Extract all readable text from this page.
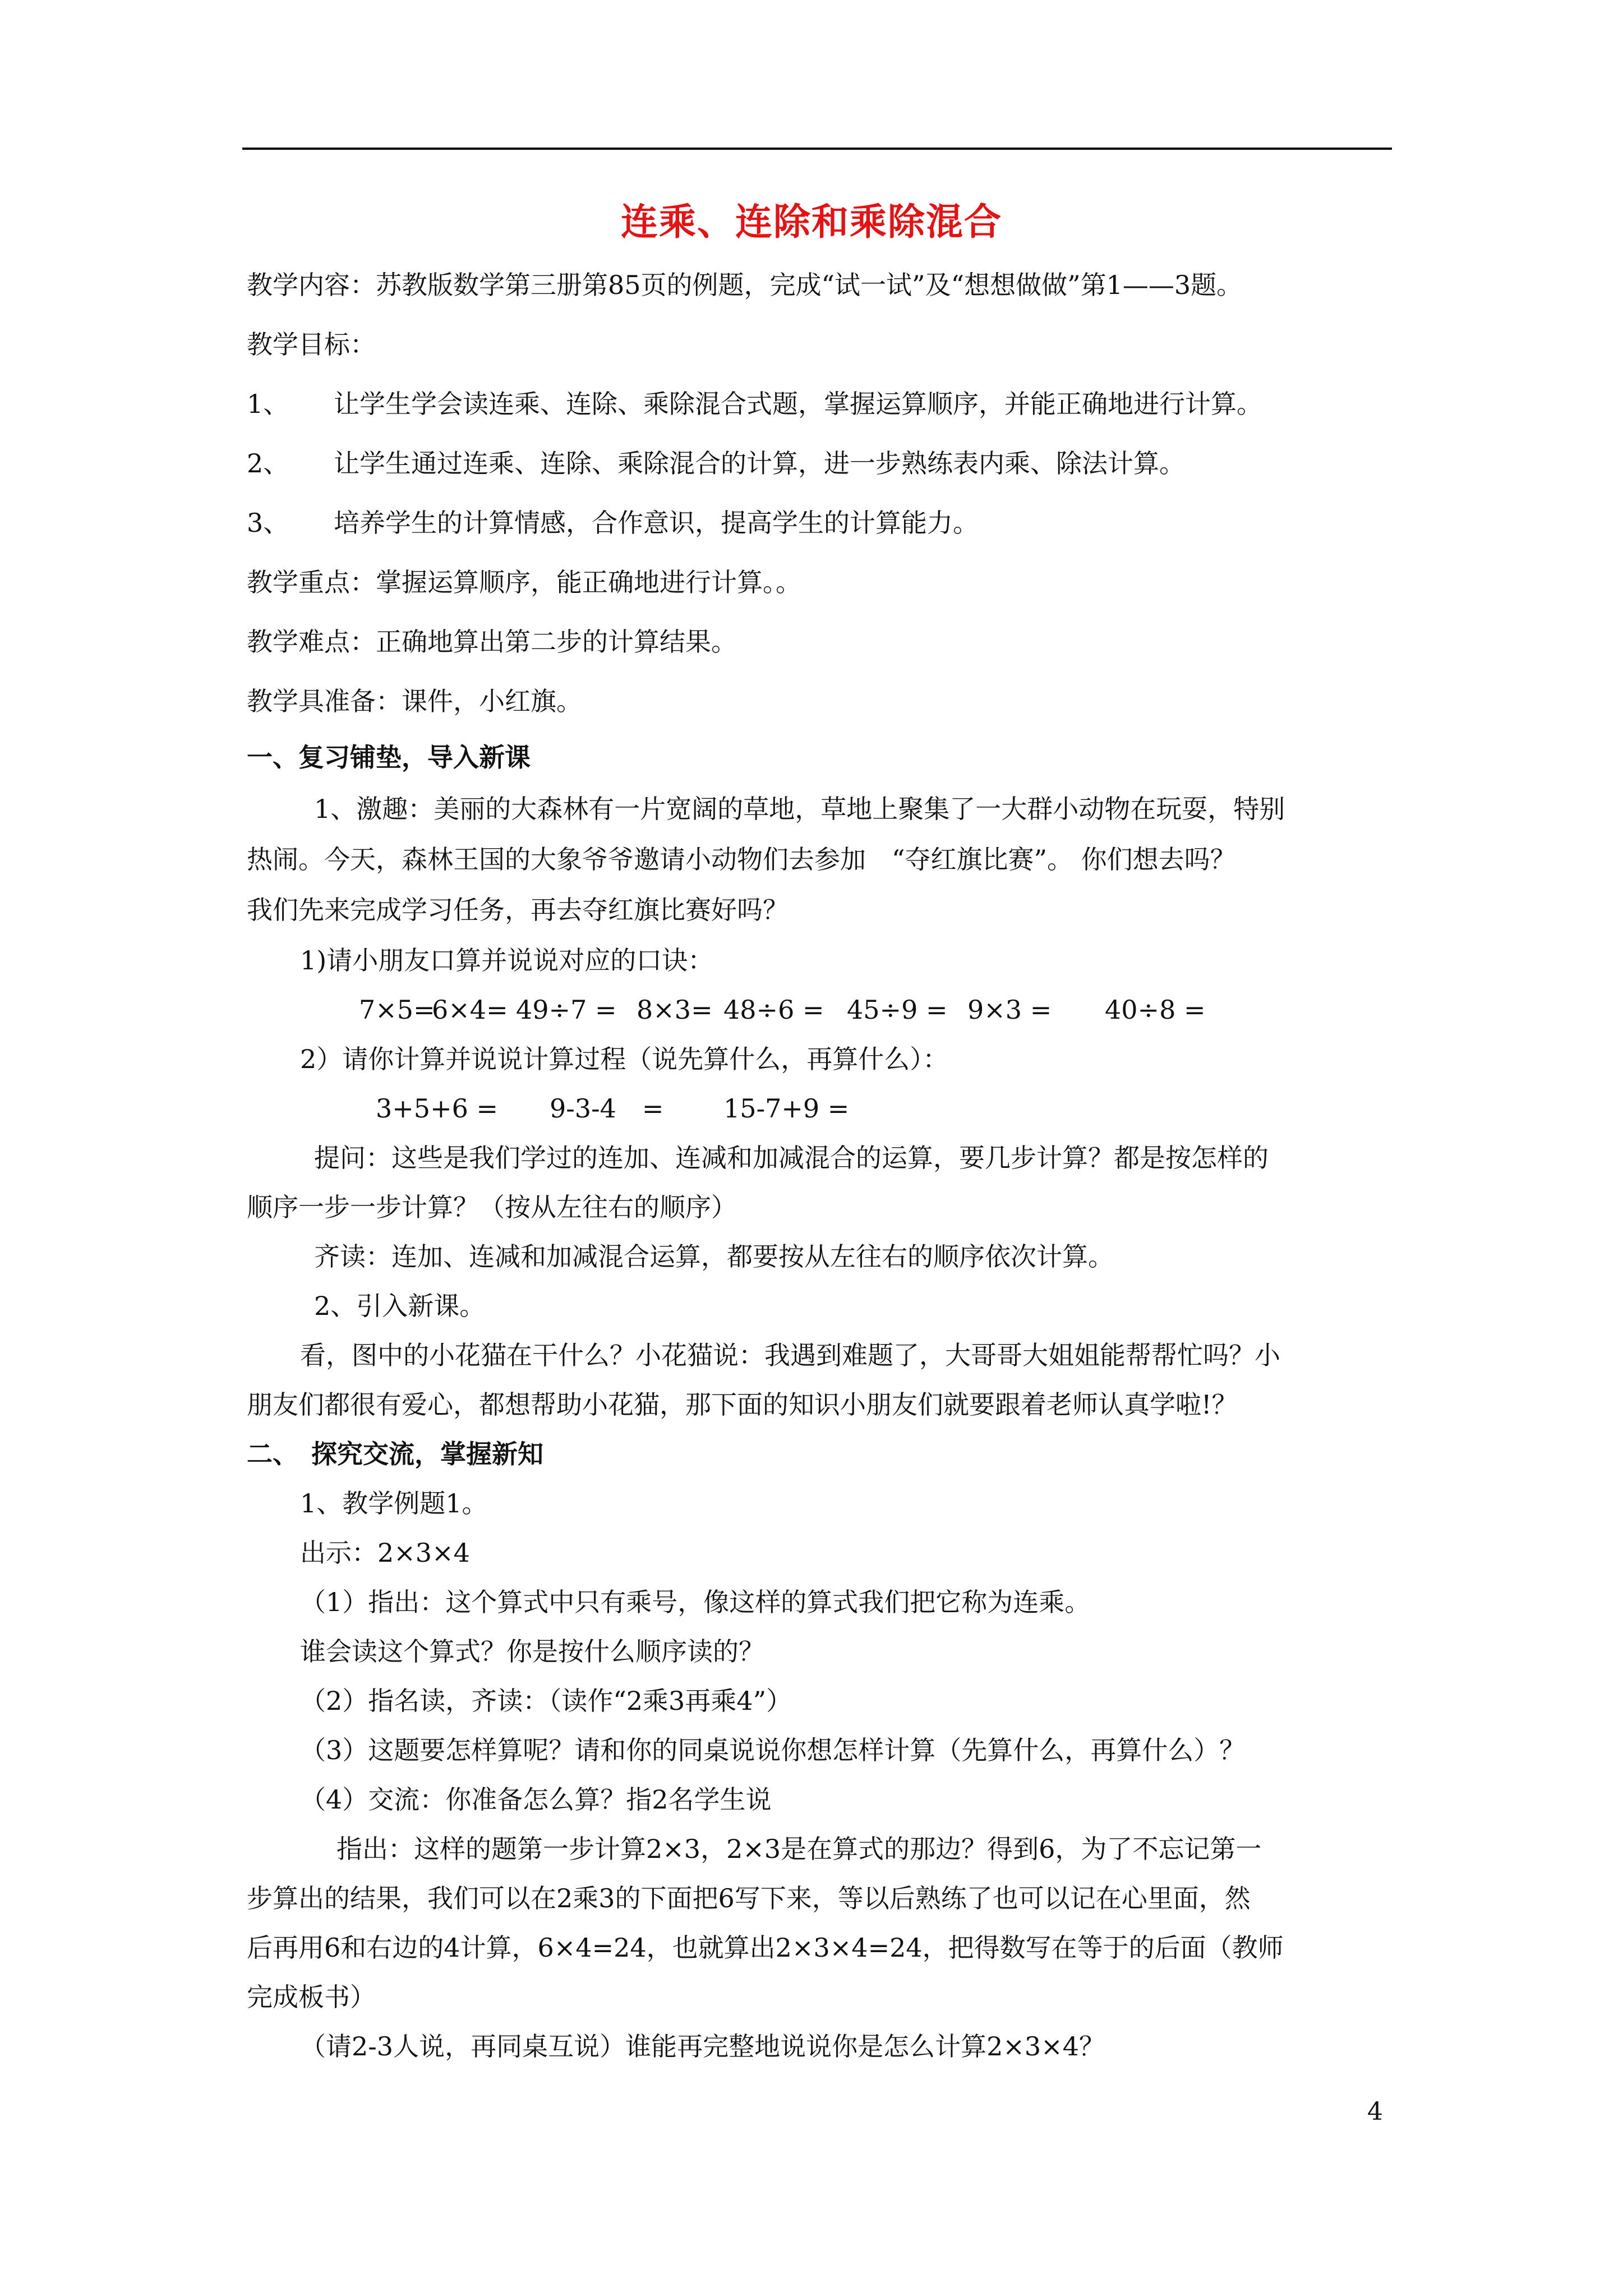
连乘、连除和乘除混合
教学内容：苏教版数学第三册第85页的例题，完成“试一试”及“想想做做”第1——3题。
教学目标：
1、 让学生学会读连乘、连除、乘除混合式题，掌握运算顺序，并能正确地进行计算。
2、 让学生通过连乘、连除、乘除混合的计算，进一步熟练表内乘、除法计算。
3、 培养学生的计算情感，合作意识，提高学生的计算能力。
教学重点：掌握运算顺序，能正确地进行计算。。
教学难点：正确地算出第二步的计算结果。
教学具准备：课件，小红旗。
一、复习铺垫，导入新课
1、激趣：美丽的大森林有一片宽阔的草地，草地上聚集了一大群小动物在玩耍，特别
热闹。今天，森林王国的大象爷爷邀请小动物们去参加　“夺红旗比赛”。 你们想去吗？
我们先来完成学习任务，再去夺红旗比赛好吗？
1)请小朋友口算并说说对应的口诀：
7×5=6×4= 49÷7 = 8×3= 48÷6 = 45÷9 = 9×3 = 40÷8 =
2）请你计算并说说计算过程（说先算什么，再算什么）：
3+5+6 = 9-3-4　= 15-7+9 =
提问：这些是我们学过的连加、连减和加减混合的运算，要几步计算？都是按怎样的
顺序一步一步计算？（按从左往右的顺序）
齐读：连加、连减和加减混合运算，都要按从左往右的顺序依次计算。
2、引入新课。
看，图中的小花猫在干什么？小花猫说：我遇到难题了，大哥哥大姐姐能帮帮忙吗？小
朋友们都很有爱心，都想帮助小花猫，那下面的知识小朋友们就要跟着老师认真学啦!？
二、　探究交流，掌握新知
1、教学例题1。
出示：2×3×4
（1）指出：这个算式中只有乘号，像这样的算式我们把它称为连乘。
谁会读这个算式？你是按什么顺序读的？
（2）指名读，齐读：（读作“2乘3再乘4”）
（3）这题要怎样算呢？请和你的同桌说说你想怎样计算（先算什么，再算什么）？
（4）交流：你准备怎么算？指2名学生说
指出：这样的题第一步计算2×3，2×3是在算式的那边？得到6，为了不忘记第一
步算出的结果，我们可以在2乘3的下面把6写下来，等以后熟练了也可以记在心里面，然
后再用6和右边的4计算，6×4=24，也就算出2×3×4=24，把得数写在等于的后面（教师
完成板书）
（请2-3人说，再同桌互说）谁能再完整地说说你是怎么计算2×3×4？
4
